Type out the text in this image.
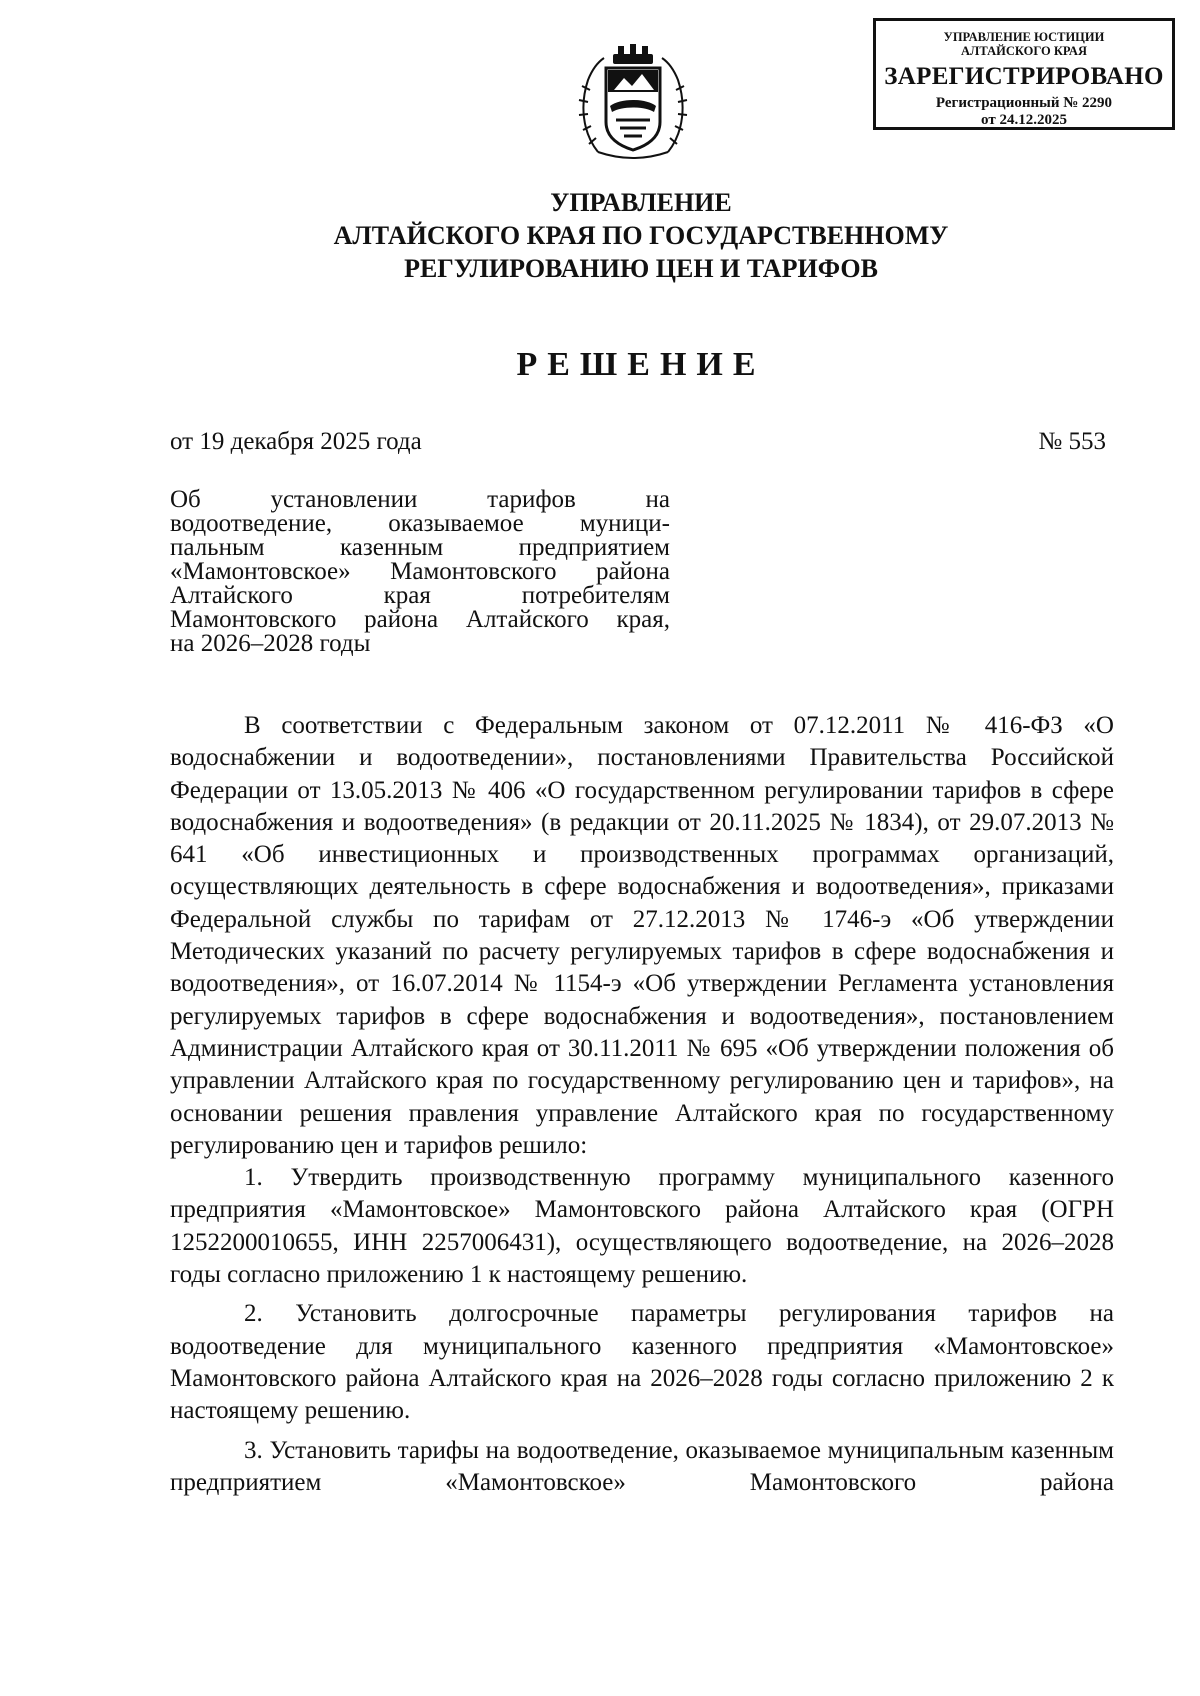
УПРАВЛЕНИЕ ЮСТИЦИИ
АЛТАЙСКОГО КРАЯ
ЗАРЕГИСТРИРОВАНО
Регистрационный № 2290
от 24.12.2025
УПРАВЛЕНИЕ
АЛТАЙСКОГО КРАЯ ПО ГОСУДАРСТВЕННОМУ
РЕГУЛИРОВАНИЮ ЦЕН И ТАРИФОВ
РЕШЕНИЕ
от 19 декабря 2025 года	№ 553
Об установлении тарифов на
водоотведение, оказываемое муници-
пальным казенным предприятием
«Мамонтовское» Мамонтовского района
Алтайского края потребителям
Мамонтовского района Алтайского края,
на 2026–2028 годы

В соответствии с Федеральным законом от 07.12.2011 № 416-ФЗ «О водоснабжении и водоотведении», постановлениями Правительства Российской Федерации от 13.05.2013 № 406 «О государственном регулировании тарифов в сфере водоснабжения и водоотведения» (в редакции от 20.11.2025 № 1834), от 29.07.2013 № 641 «Об инвестиционных и производственных программах организаций, осуществляющих деятельность в сфере водоснабжения и водоотведения», приказами Федеральной службы по тарифам от 27.12.2013 № 1746-э «Об утверждении Методических указаний по расчету регулируемых тарифов в сфере водоснабжения и водоотведения», от 16.07.2014 № 1154-э «Об утверждении Регламента установления регулируемых тарифов в сфере водоснабжения и водоотведения», постановлением Администрации Алтайского края от 30.11.2011 № 695 «Об утверждении положения об управлении Алтайского края по государственному регулированию цен и тарифов», на основании решения правления управление Алтайского края по государственному регулированию цен и тарифов решило:

1. Утвердить производственную программу муниципального казенного предприятия «Мамонтовское» Мамонтовского района Алтайского края (ОГРН 1252200010655, ИНН 2257006431), осуществляющего водоотведение, на 2026–2028 годы согласно приложению 1 к настоящему решению.

2. Установить долгосрочные параметры регулирования тарифов на водоотведение для муниципального казенного предприятия «Мамонтовское» Мамонтовского района Алтайского края на 2026–2028 годы согласно приложению 2 к настоящему решению.

3. Установить тарифы на водоотведение, оказываемое муниципальным казенным предприятием «Мамонтовское» Мамонтовского района
